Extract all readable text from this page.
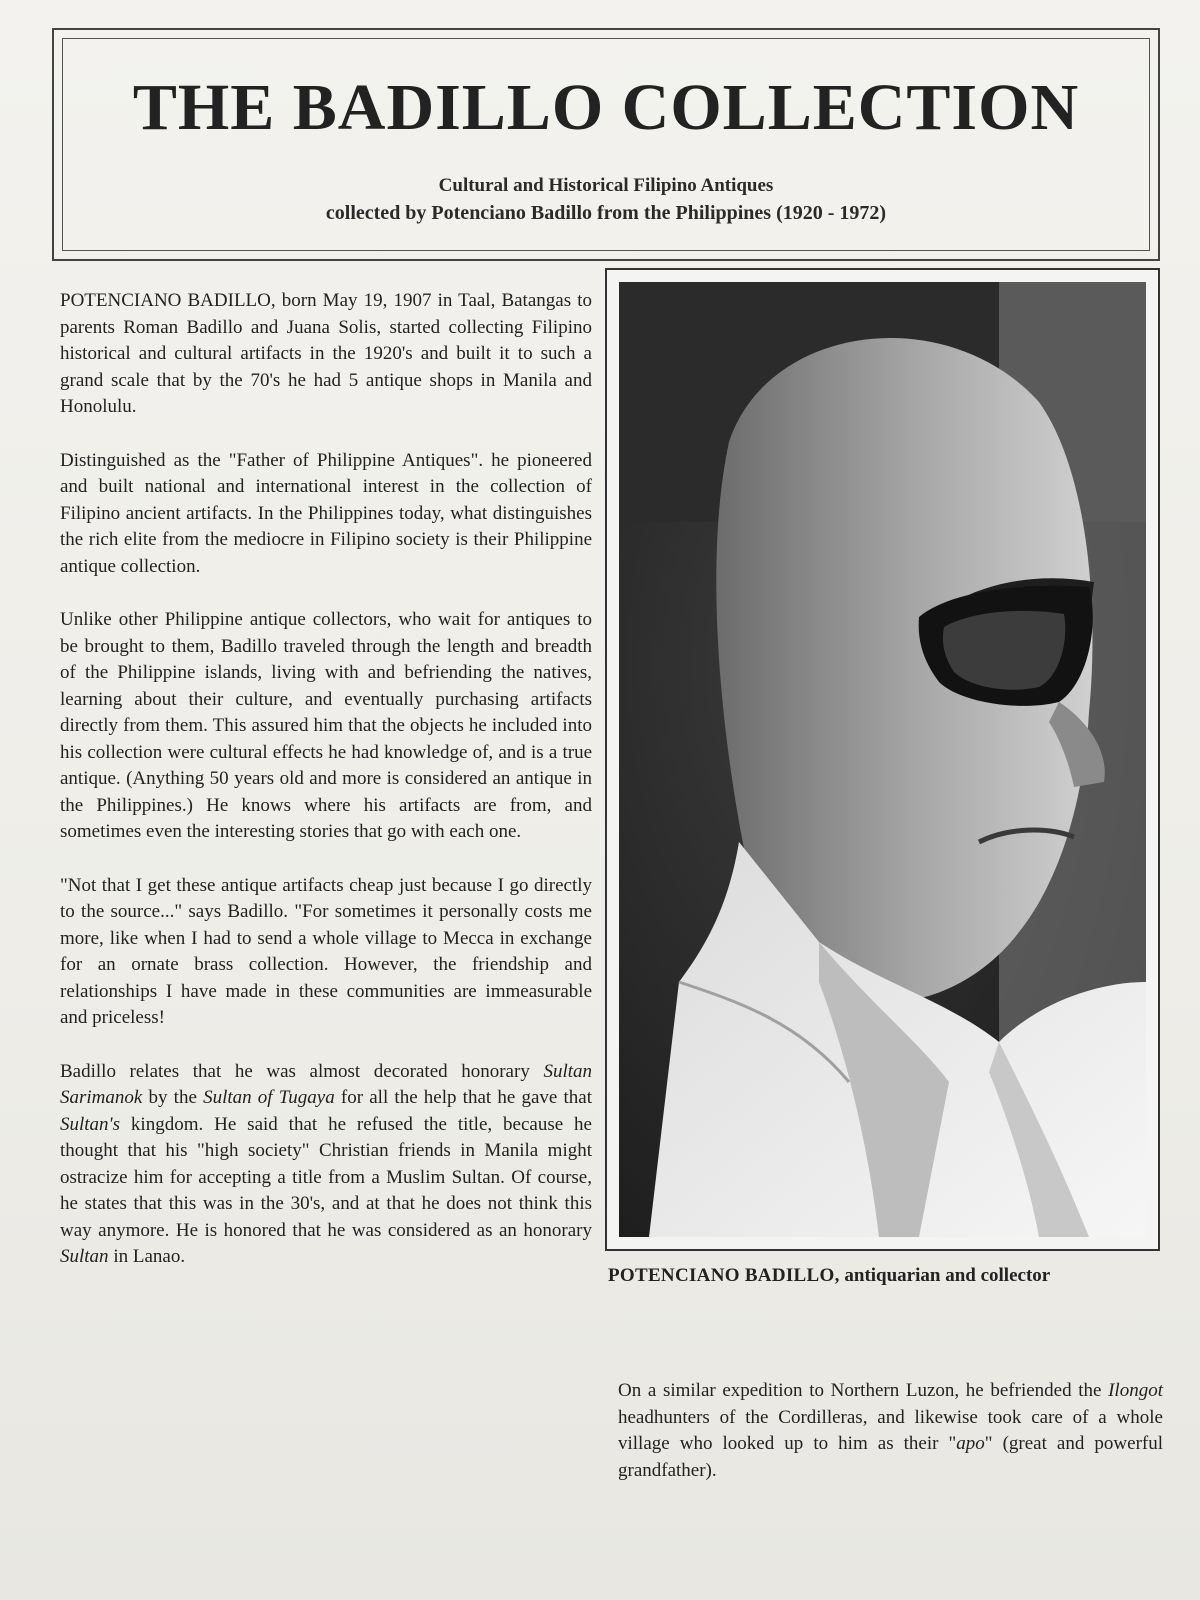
THE BADILLO COLLECTION

Cultural and Historical Filipino Antiques

collected by Potenciano Badillo from the Philippines (1920 - 1972)

POTENCIANO BADILLO, born May 19, 1907 in Taal, Batangas to parents Roman Badillo and Juana Solis, started collecting Filipino historical and cultural artifacts in the 1920's and built it to such a grand scale that by the 70's he had 5 antique shops in Manila and Honolulu.

Distinguished as the "Father of Philippine Antiques". he pioneered and built national and international interest in the collection of Filipino ancient artifacts. In the Philippines today, what distinguishes the rich elite from the mediocre in Filipino society is their Philippine antique collection.

Unlike other Philippine antique collectors, who wait for antiques to be brought to them, Badillo traveled through the length and breadth of the Philippine islands, living with and befriending the natives, learning about their culture, and eventually purchasing artifacts directly from them. This assured him that the objects he included into his collection were cultural effects he had knowledge of, and is a true antique. (Anything 50 years old and more is considered an antique in the Philippines.) He knows where his artifacts are from, and sometimes even the interesting stories that go with each one.

"Not that I get these antique artifacts cheap just because I go directly to the source..." says Badillo. "For sometimes it personally costs me more, like when I had to send a whole village to Mecca in exchange for an ornate brass collection. However, the friendship and relationships I have made in these communities are immeasurable and priceless!

Badillo relates that he was almost decorated honorary Sultan Sarimanok by the Sultan of Tugaya for all the help that he gave that Sultan's kingdom. He said that he refused the title, because he thought that his "high society" Christian friends in Manila might ostracize him for accepting a title from a Muslim Sultan. Of course, he states that this was in the 30's, and at that he does not think this way anymore. He is honored that he was considered as an honorary Sultan in Lanao.

POTENCIANO BADILLO, antiquarian and collector

On a similar expedition to Northern Luzon, he befriended the Ilongot headhunters of the Cordilleras, and likewise took care of a whole village who looked up to him as their "apo" (great and powerful grandfather).
